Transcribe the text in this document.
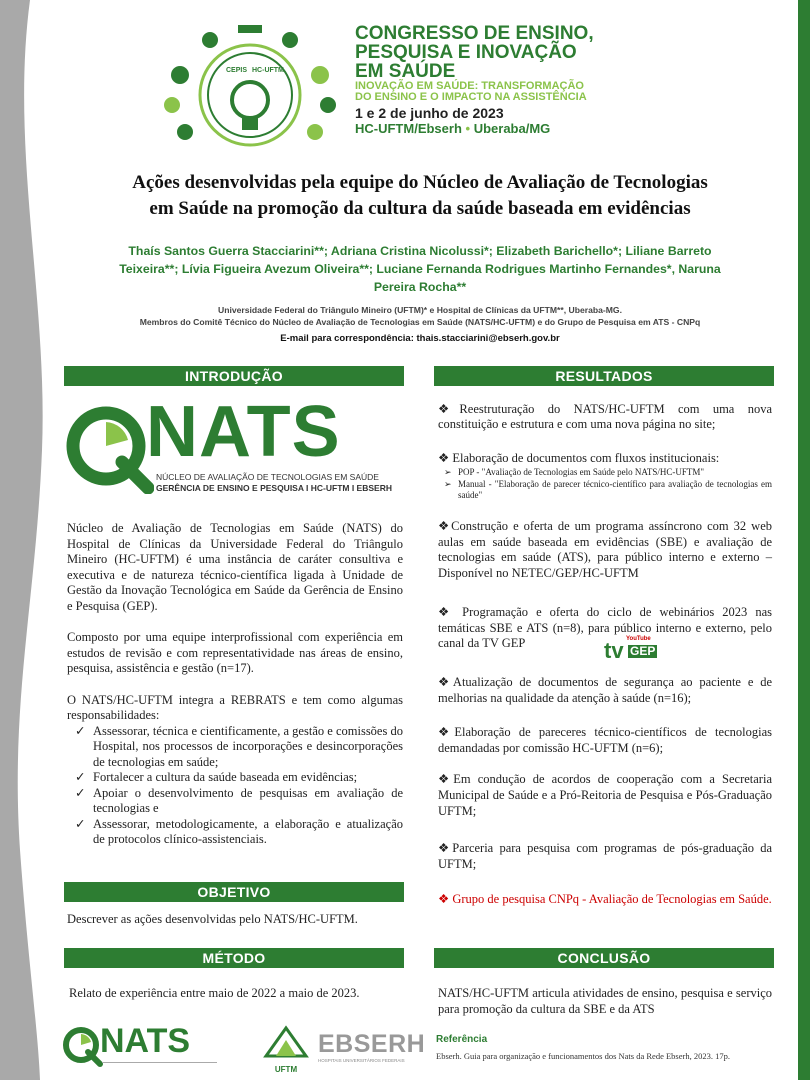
CEPIS HC-UFTM
CONGRESSO DE ENSINO,
PESQUISA E INOVAÇÃO
EM SAÚDE
INOVAÇÃO EM SAÚDE: TRANSFORMAÇÃO
DO ENSINO E O IMPACTO NA ASSISTÊNCIA
1 e 2 de junho de 2023
HC-UFTM/Ebserh • Uberaba/MG
Ações desenvolvidas pela equipe do Núcleo de Avaliação de Tecnologias
em Saúde na promoção da cultura da saúde baseada em evidências
Thaís Santos Guerra Stacciarini**; Adriana Cristina Nicolussi*; Elizabeth Barichello*; Liliane Barreto
Teixeira**; Lívia Figueira Avezum Oliveira**; Luciane Fernanda Rodrigues Martinho Fernandes*, Naruna
Pereira Rocha**
Universidade Federal do Triângulo Mineiro (UFTM)* e Hospital de Clínicas da UFTM**, Uberaba-MG.
Membros do Comitê Técnico do Núcleo de Avaliação de Tecnologias em Saúde (NATS/HC-UFTM) e do Grupo de Pesquisa em ATS - CNPq
E-mail para correspondência: thais.stacciarini@ebserh.gov.br
INTRODUÇÃO	RESULTADOS
OBJETIVO
MÉTODO	CONCLUSÃO
NATS
NÚCLEO DE AVALIAÇÃO DE TECNOLOGIAS EM SAÚDE
GERÊNCIA DE ENSINO E PESQUISA I HC-UFTM I EBSERH

Núcleo de Avaliação de Tecnologias em Saúde (NATS) do Hospital de Clínicas da Universidade Federal do Triângulo Mineiro (HC-UFTM) é uma instância de caráter consultiva e executiva e de natureza técnico-científica ligada à Unidade de Gestão da Inovação Tecnológica em Saúde da Gerência de Ensino e Pesquisa (GEP).

Composto por uma equipe interprofissional com experiência em estudos de revisão e com representatividade nas áreas de ensino, pesquisa, assistência e gestão (n=17).

O NATS/HC-UFTM integra a REBRATS e tem como algumas responsabilidades:

✓ Assessorar, técnica e cientificamente, a gestão e comissões do Hospital, nos processos de incorporações e desincorporações de tecnologias em saúde;
✓ Fortalecer a cultura da saúde baseada em evidências;
✓ Apoiar o desenvolvimento de pesquisas em avaliação de tecnologias e
✓ Assessorar, metodologicamente, a elaboração e atualização de protocolos clínico-assistenciais.
Descrever as ações desenvolvidas pelo NATS/HC-UFTM.
Relato de experiência entre maio de 2022 a maio de 2023.
❖Reestruturação do NATS/HC-UFTM com uma nova constituição e estrutura e com uma nova página no site;
❖ Elaboração de documentos com fluxos institucionais:
➢ POP - "Avaliação de Tecnologias em Saúde pelo NATS/HC-UFTM"
➢ Manual - "Elaboração de parecer técnico-científico para avaliação de tecnologias em saúde"
❖Construção e oferta de um programa assíncrono com 32 web aulas em saúde baseada em evidências (SBE) e avaliação de tecnologias em saúde (ATS), para público interno e externo – Disponível no NETEC/GEP/HC-UFTM
❖ Programação e oferta do ciclo de webinários 2023 nas temáticas SBE e ATS (n=8), para público interno e externo, pelo canal da TV GEP	tv YouTube
GEP
❖Atualização de documentos de segurança ao paciente e de melhorias na qualidade da atenção à saúde (n=16);
❖Elaboração de pareceres técnico-científicos de tecnologias demandadas por comissão HC-UFTM (n=6);
❖Em condução de acordos de cooperação com a Secretaria Municipal de Saúde e a Pró-Reitoria de Pesquisa e Pós-Graduação UFTM;
❖Parceria para pesquisa com programas de pós-graduação da UFTM;
❖ Grupo de pesquisa CNPq - Avaliação de Tecnologias em Saúde.
NATS/HC-UFTM articula atividades de ensino, pesquisa e serviço para promoção da cultura da SBE e da ATS
Referência
Ebserh. Guia para organização e funcionamentos dos Nats da Rede Ebserh, 2023. 17p.
NATS
UFTM
EBSERH
HOSPITAIS UNIVERSITÁRIOS FEDERAIS
